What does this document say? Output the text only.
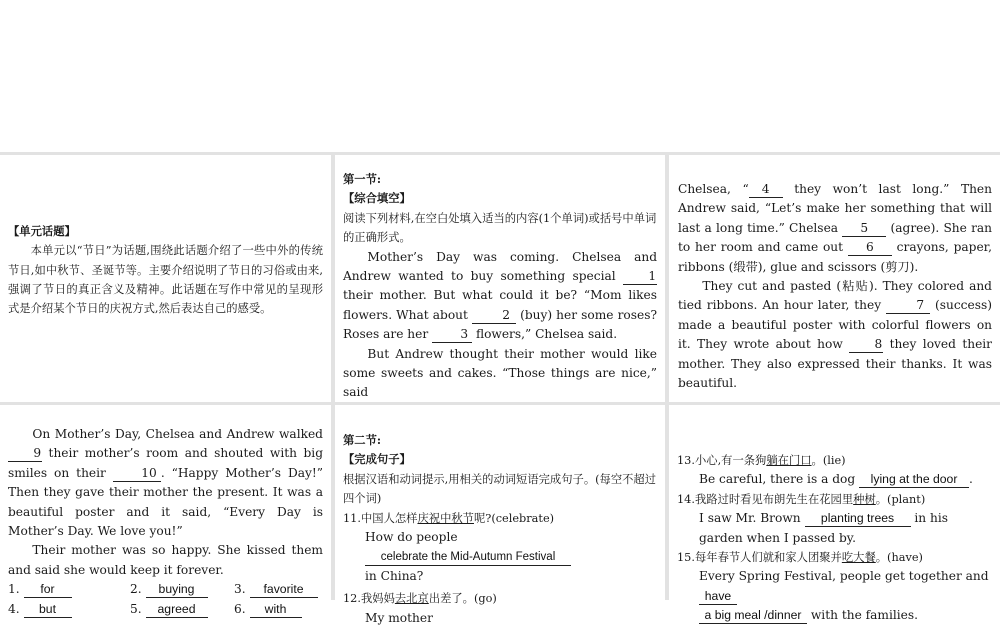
【单元话题】

本单元以“节日”为话题,围绕此话题介绍了一些中外的传统节日,如中秋节、圣诞节等。主要介绍说明了节日的习俗或由来,强调了节日的真正含义及精神。此话题在写作中常见的呈现形式是介绍某个节日的庆祝方式,然后表达自己的感受。

第一节:

【综合填空】

阅读下列材料,在空白处填入适当的内容(1个单词)或括号中单词的正确形式。

Mother’s Day was coming. Chelsea and Andrew wanted to buy something special	1 their mother. But what could it be? “Mom likes flowers. What about	2 (buy) her some roses? Roses are her	3 flowers,” Chelsea said.

But Andrew thought their mother would like some sweets and cakes. “Those things are nice,” said

Chelsea, “ 4 they won’t last long.” Then Andrew said, “Let’s make her something that will last a long time.” Chelsea 5 (agree). She ran to her room and came out 6 crayons, paper, ribbons (缎带), glue and scissors (剪刀).

They cut and pasted (粘贴). They colored and tied ribbons. An hour later, they	7 (success) made a beautiful poster with colorful flowers on it. They wrote about how	8 they loved their mother. They also expressed their thanks. It was beautiful.

On Mother’s Day, Chelsea and Andrew walked 9 their mother’s room and shouted with big smiles on their	10 . “Happy Mother’s Day!” Then they gave their mother the present. It was a beautiful poster and it said, “Every Day is Mother’s Day. We love you!”

Their mother was so happy. She kissed them and said she would keep it forever.

1. for	2. buying	3. favorite
4. but	5. agreed	6. with

第二节:

【完成句子】

根据汉语和动词提示,用相关的动词短语完成句子。(每空不超过四个词)

11.中国人怎样庆祝中秋节呢?(celebrate)

How do people celebrate the Mid-Autumn Festival
in China?

12.我妈妈去北京出差了。(go)

My mother

13.小心,有一条狗躺在门口。(lie)

Be careful, there is a dog lying at the door .

14.我路过时看见布朗先生在花园里种树。(plant)

I saw Mr. Brown planting trees in his garden when I passed by.

15.每年春节人们就和家人团聚并吃大餐。(have)

Every Spring Festival, people get together and have
a big meal /dinner with the families.
